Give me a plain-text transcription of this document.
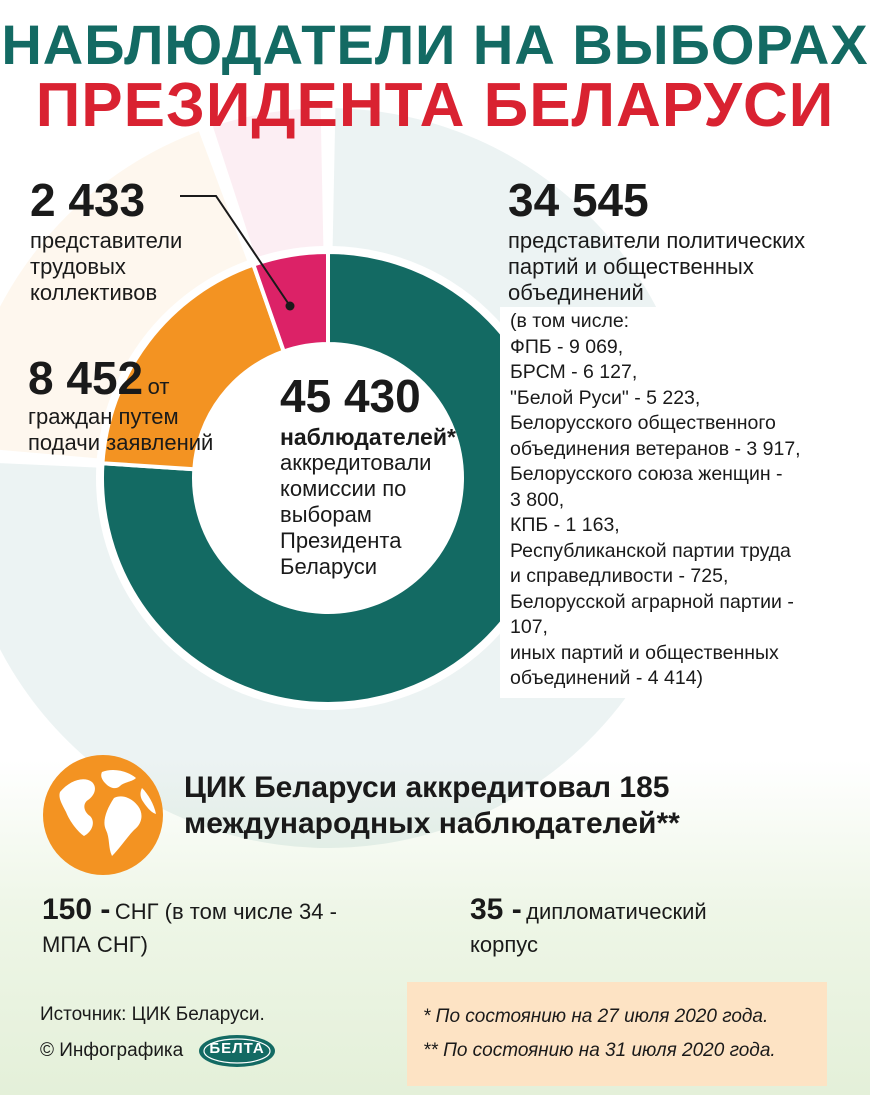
НАБЛЮДАТЕЛИ НА ВЫБОРАХ
ПРЕЗИДЕНТА БЕЛАРУСИ
2 433
представители
трудовых
коллективов
8 452 от
граждан путем
подачи заявлений
34 545
представители политических
партий и общественных
объединений
(в том числе:
ФПБ - 9 069,
БРСМ - 6 127,
"Белой Руси" - 5 223,
Белорусского общественного
объединения ветеранов - 3 917,
Белорусского союза женщин -
3 800,
КПБ - 1 163,
Республиканской партии труда
и справедливости - 725,
Белорусской аграрной партии -
107,
иных партий и общественных
объединений - 4 414)
45 430
наблюдателей*
аккредитовали
комиссии по
выборам
Президента
Беларуси
ЦИК Беларуси аккредитовал 185
международных наблюдателей**
150 - СНГ (в том числе 34 -
МПА СНГ)
35 - дипломатический
корпус
Источник: ЦИК Беларуси.
© Инфографика	БЕЛТА
* По состоянию на 27 июля 2020 года.
** По состоянию на 31 июля 2020 года.
